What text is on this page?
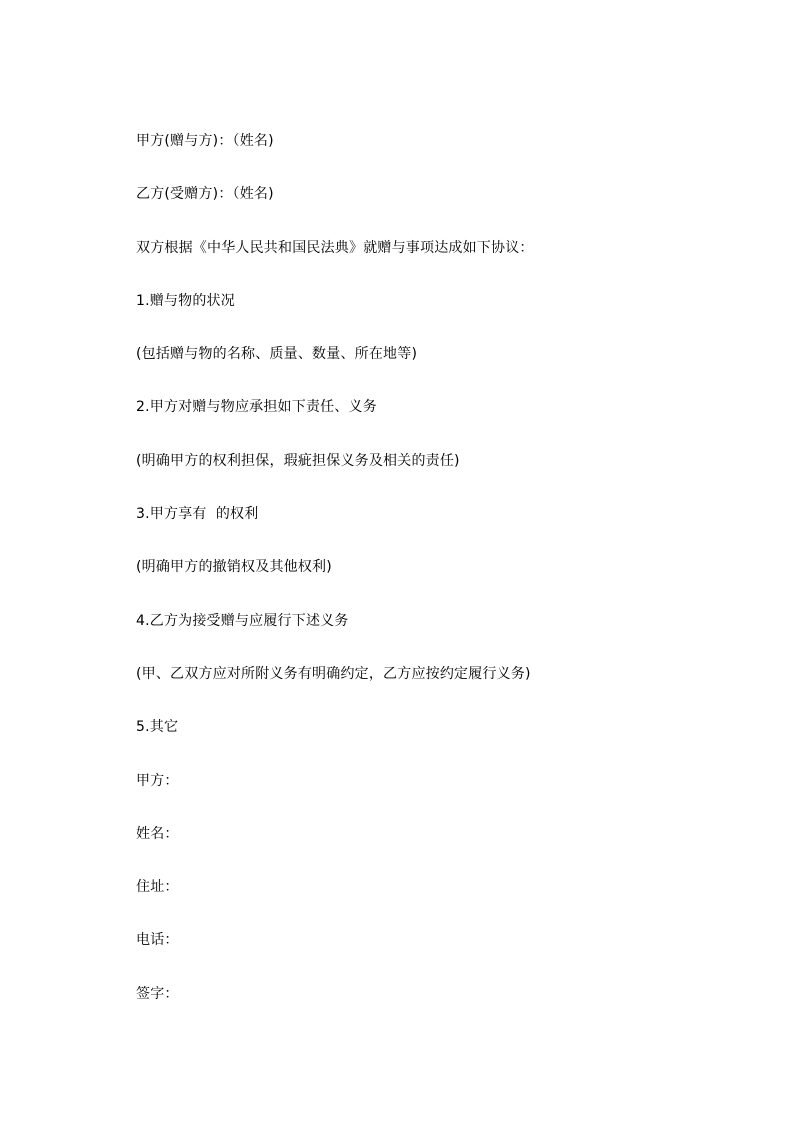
甲方(赠与方)：（姓名)

乙方(受赠方)：（姓名)

双方根据《中华人民共和国民法典》就赠与事项达成如下协议：

1.赠与物的状况

(包括赠与物的名称、质量、数量、所在地等)

2.甲方对赠与物应承担如下责任、义务

(明确甲方的权利担保，瑕疵担保义务及相关的责任)

3.甲方享有  的权利

(明确甲方的撤销权及其他权利)

4.乙方为接受赠与应履行下述义务

(甲、乙双方应对所附义务有明确约定，乙方应按约定履行义务)

5.其它

甲方：

姓名：

住址：

电话：

签字：
